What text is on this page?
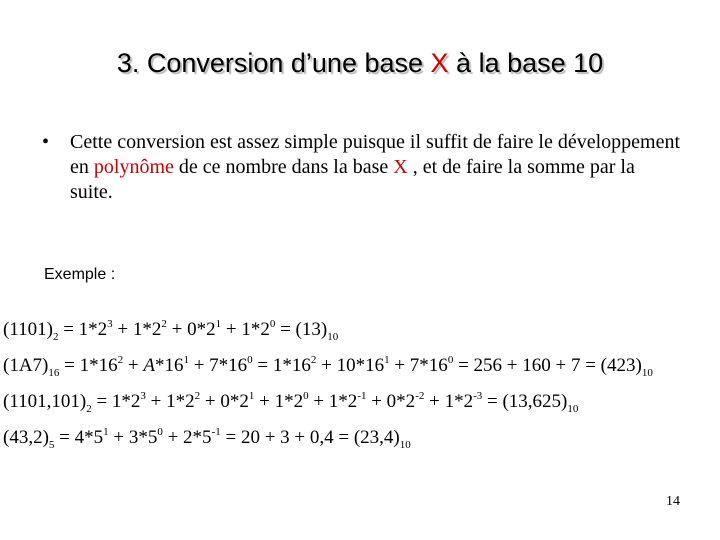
3. Conversion d’une base X à la base 10
• Cette conversion est assez simple puisque il suffit de faire le développement en polynôme de ce nombre dans la base X , et de faire la somme par la suite.
Exemple :
$(1101)_2 = 1*2^3 + 1*2^2 + 0*2^1 + 1*2^0 = (13)_{10}$
$(1A7)_{16} = 1*16^2 + A*16^1 + 7*16^0 = 1*16^2 + 10*16^1 + 7*16^0 = 256 + 160 + 7 = (423)_{10}$
$(1101,101)_2 = 1*2^3 + 1*2^2 + 0*2^1 + 1*2^0 + 1*2^{-1} + 0*2^{-2} + 1*2^{-3} = (13,625)_{10}$
$(43,2)_5 = 4*5^1 + 3*5^0 + 2*5^{-1} = 20 + 3 + 0,4 = (23,4)_{10}$
14
